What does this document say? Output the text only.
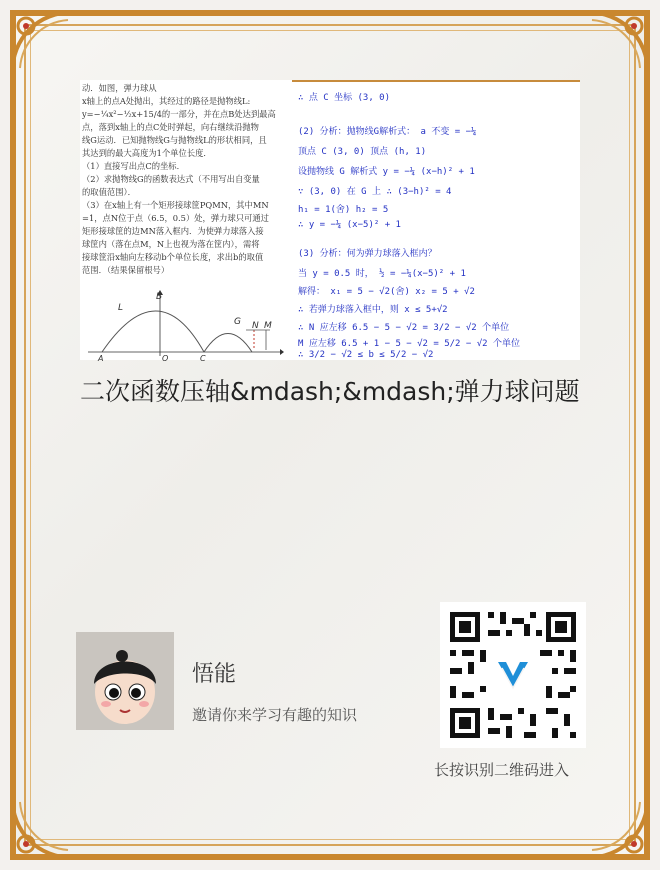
动．如图，弹力球从

x轴上的点A处抛出，其经过的路径是抛物线L:

y=−¼x²−½x+15/4的一部分，并在点B处达到最高

点，落到x轴上的点C处时弹起，向右继续沿抛物

线G运动．已知抛物线G与抛物线L的形状相同，且

其达到的最大高度为1个单位长度．

（1）直接写出点C的坐标．

（2）求抛物线G的函数表达式（不用写出自变量

的取值范围）．

（3）在x轴上有一个矩形接球筐PQMN，其中MN

=1，点N位于点（6.5，0.5）处，弹力球只可通过

矩形接球筐的边MN落入框内．为使弹力球落入接

球筐内（落在点M，N上也视为落在筐内），需将

接球筐沿x轴向左移动b个单位长度，求出b的取值

范围．（结果保留根号）

L
B
G N M
A	O	C
∴ 点 C 坐标 (3, 0)
(2) 分析：抛物线G解析式： a 不变 = −¼
顶点 C (3, 0) 顶点 (h, 1)
设抛物线 G 解析式 y = −¼ (x−h)² + 1
∵ (3, 0) 在 G 上 ∴ (3−h)² = 4
h₁ = 1(舍) h₂ = 5
∴ y = −¼ (x−5)² + 1
(3) 分析：何为弹力球落入框内？
当 y = 0.5 时， ½ = −¼(x−5)² + 1
解得： x₁ = 5 − √2(舍) x₂ = 5 + √2
∴ 若弹力球落入框中，则 x ≤ 5+√2
∴ N 应左移 6.5 − 5 − √2 = 3/2 − √2 个单位
M 应左移 6.5 + 1 − 5 − √2 = 5/2 − √2 个单位
∴ 3/2 − √2 ≤ b ≤ 5/2 − √2
二次函数压轴&mdash;&mdash;弹力球问题
悟能
邀请你来学习有趣的知识
长按识别二维码进入
